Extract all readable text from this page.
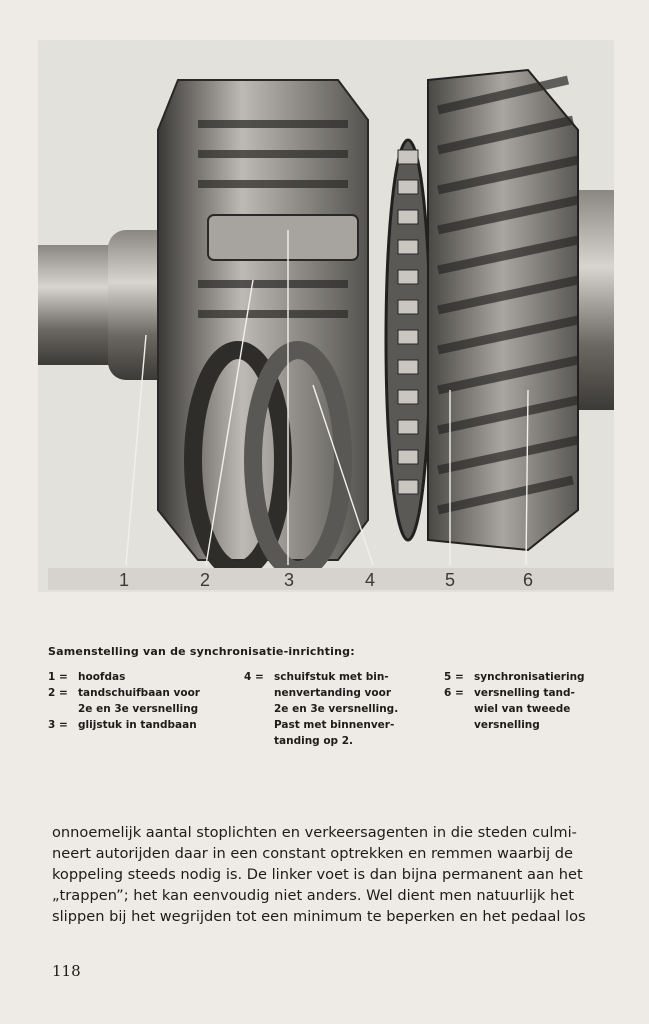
1	2	3	4	5	6
Samenstelling van de synchronisatie-inrichting:
1 = hoofdas
2 = tandschuifbaan voor
2e en 3e versnelling
3 = glijstuk in tandbaan
4 = schuifstuk met bin-
nenvertanding voor
2e en 3e versnelling.
Past met binnenver-
tanding op 2.
5 = synchronisatiering
6 = versnelling tand-
wiel van tweede
versnelling

onnoemelijk aantal stoplichten en verkeersagenten in die steden culmi-

neert autorijden daar in een constant optrekken en remmen waarbij de

koppeling steeds nodig is. De linker voet is dan bijna permanent aan het

„trappen”; het kan eenvoudig niet anders. Wel dient men natuurlijk het

slippen bij het wegrijden tot een minimum te beperken en het pedaal los

118
